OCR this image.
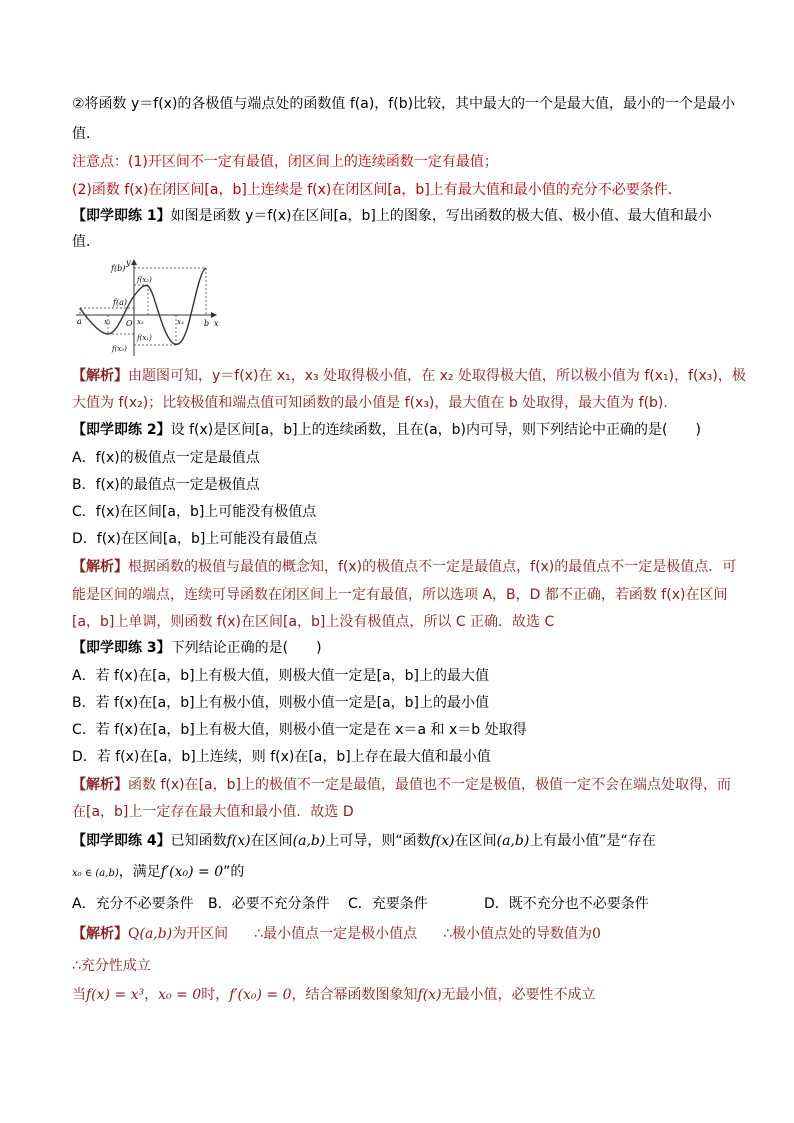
②将函数 y＝f(x)的各极值与端点处的函数值 f(a)，f(b)比较，其中最大的一个是最大值，最小的一个是最小
值．
注意点：(1)开区间不一定有最值，闭区间上的连续函数一定有最值；
(2)函数 f(x)在闭区间[a，b]上连续是 f(x)在闭区间[a，b]上有最大值和最小值的充分不必要条件．
【即学即练 1】如图是函数 y＝f(x)在区间[a，b]上的图象，写出函数的极大值、极小值、最大值和最小
值．
y
f(b)
f(x₂)
f(a)
a	x₁ O x₂	x₃	b x
f(x₁)
f(x₃)
【解析】由题图可知，y＝f(x)在 x₁，x₃ 处取得极小值，在 x₂ 处取得极大值，所以极小值为 f(x₁)，f(x₃)，极
大值为 f(x₂)；比较极值和端点值可知函数的最小值是 f(x₃)，最大值在 b 处取得，最大值为 f(b).
【即学即练 2】设 f(x)是区间[a，b]上的连续函数，且在(a，b)内可导，则下列结论中正确的是(　　)
A．f(x)的极值点一定是最值点
B．f(x)的最值点一定是极值点
C．f(x)在区间[a，b]上可能没有极值点
D．f(x)在区间[a，b]上可能没有最值点
【解析】根据函数的极值与最值的概念知，f(x)的极值点不一定是最值点，f(x)的最值点不一定是极值点．可
能是区间的端点，连续可导函数在闭区间上一定有最值，所以选项 A，B，D 都不正确，若函数 f(x)在区间
[a，b]上单调，则函数 f(x)在区间[a，b]上没有极值点，所以 C 正确．故选 C
【即学即练 3】下列结论正确的是(　　)
A．若 f(x)在[a，b]上有极大值，则极大值一定是[a，b]上的最大值
B．若 f(x)在[a，b]上有极小值，则极小值一定是[a，b]上的最小值
C．若 f(x)在[a，b]上有极大值，则极小值一定是在 x＝a 和 x＝b 处取得
D．若 f(x)在[a，b]上连续，则 f(x)在[a，b]上存在最大值和最小值
【解析】函数 f(x)在[a，b]上的极值不一定是最值，最值也不一定是极值，极值一定不会在端点处取得，而
在[a，b]上一定存在最大值和最小值．故选 D
【即学即练 4】已知函数f(x)在区间(a,b)上可导，则“函数f(x)在区间(a,b)上有最小值”是“存在
x₀ ∈ (a,b)，满足f′(x₀) = 0”的
A．充分不必要条件 B．必要不充分条件 C．充要条件	D．既不充分也不必要条件
【解析】Q(a,b)为开区间 ∴最小值点一定是极小值点 ∴极小值点处的导数值为0
∴充分性成立
当f(x) = x³，x₀ = 0时，f′(x₀) = 0，结合幂函数图象知f(x)无最小值，必要性不成立
